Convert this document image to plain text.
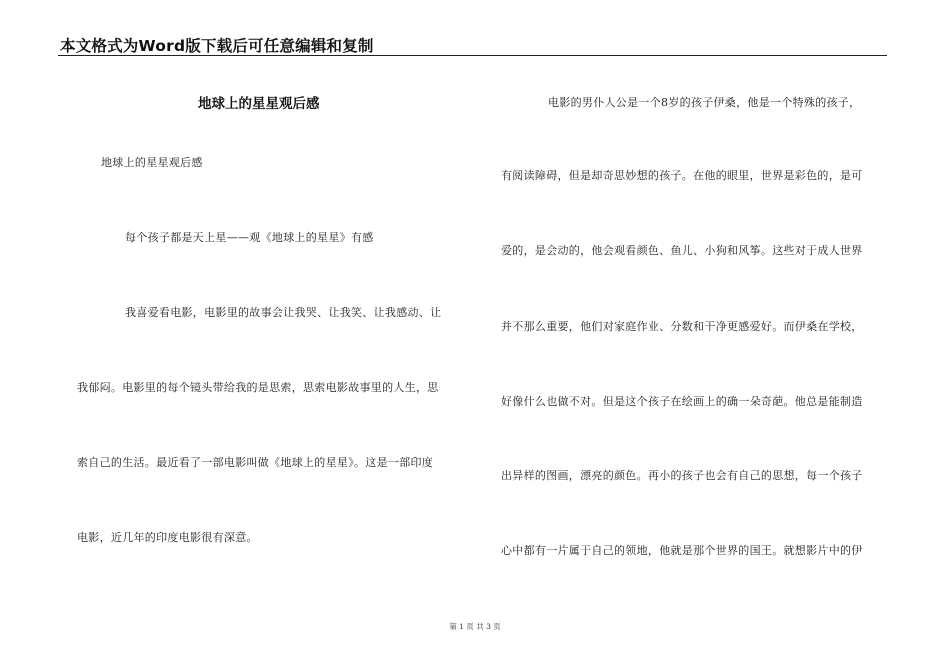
本文格式为Word版下载后可任意编辑和复制
地球上的星星观后感
地球上的星星观后感
每个孩子都是天上星——观《地球上的星星》有感
我喜爱看电影，电影里的故事会让我哭、让我笑、让我感动、让
我郁闷。电影里的每个镜头带给我的是思索，思索电影故事里的人生，思
索自己的生活。最近看了一部电影叫做《地球上的星星》。这是一部印度
电影，近几年的印度电影很有深意。
电影的男仆人公是一个8岁的孩子伊桑，他是一个特殊的孩子，
有阅读障碍，但是却奇思妙想的孩子。在他的眼里，世界是彩色的，是可
爱的，是会动的，他会观看颜色、鱼儿、小狗和风筝。这些对于成人世界
并不那么重要，他们对家庭作业、分数和干净更感爱好。而伊桑在学校，
好像什么也做不对。但是这个孩子在绘画上的确一朵奇葩。他总是能制造
出异样的图画，漂亮的颜色。再小的孩子也会有自己的思想，每一个孩子
心中都有一片属于自己的领地，他就是那个世界的国王。就想影片中的伊
第 1 页 共 3 页
